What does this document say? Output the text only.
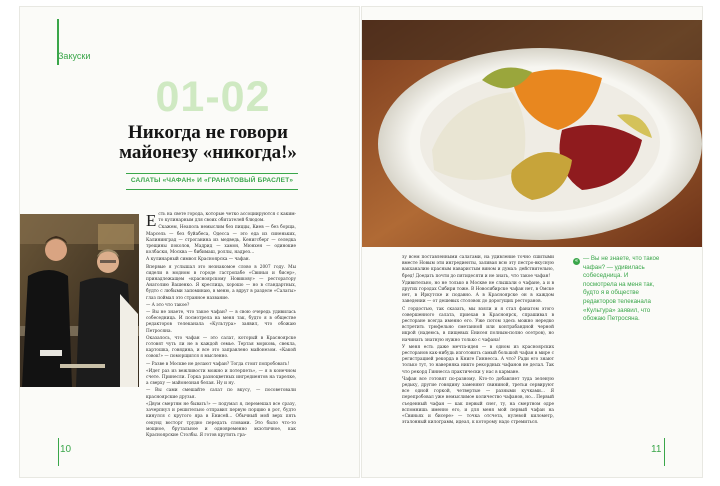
Закуски
01-02
Никогда не говори
майонезу «никогда!»
САЛАТЫ «ЧАФАН» И «ГРАНАТОВЫЙ БРАСЛЕТ»

Есть на свете города, которые четко ассоциируются с каким-то кулинарным для своих обитателей блюдом.

Скажем, Неаполь немыслим без пиццы, Киев — без борща, Марсель — без буйабеса, Одесса — это еда из синеньких, Калининград — строганина из медведь, Кенигсберг — селедка трещины поколов, Мадрид — хамон, Мюнхен — одинокие колбаски, Москва — бибимаш, роллы, надрез...

А кулинарный символ Красноярска — чафан.

Впервые я услышал это незнакомое слово в 2007 году. Мы сидели в модном в городе гастропабе «Свиньи и бисер», принадлежащем «красноярскому Новикову» — ресторатору Анатолию Вашенко. Я креслица, хорошо — но в стандартных, будто с любыми запоминаю, в меню, а вдруг в разделе «Салаты» глаз поймал это странное название.

— А это что такое?

— Вы не знаете, что такое чафан? — в свою очередь удивилась собеседница. И посмотрела на меня так, будто я в обществе редакторов телеканала «Культура» заявил, что обожаю Петросяна.

Оказалось, что чафан — это салат, который в Красноярске готовят чуть ли не в каждой семье. Тертая морковь, свекла, картошка, говядина, и все это заправлено майонезом. «Какой совок!» — поморщился я мысленно.

— Разве в Москве не делают чафан? Тогда стоит попробовать!

«Идет раз из вежливости можно и потерпеть», — я в конечном счете. Принесли. Горка разноцветных ингредиентов на тарелке, а сверху — майонезная белая. Ну и ну.

— Вы сами смешайте салат по вкусу, — посоветовали красноярские друзья.

«Двум смертям не бывать!» — подумал я, перемешал все сразу, зачерпнул и решительно отправил первую порцию в рот, будто кинулся с крутого яра в Енисей... Обычный мой верх пять секунд восторг трудно передать словами. Это было что-то мощное, брутальное и одновременно экзотичное, как Красноярские Столбы. Я готов крутить гра-

10

зу всем поставленными салатами, на удивление точно сшитыми вместе Новым эти ингредиенты, заливая всю эту пестро-вкусную вакханалию красным наваристым вином и думал: действительно, бред! Доедать почти до пятидесяти и не знать, что такое чафан!

Удивительно, но не только в Москве не слышали о чафане, а и в других городах Сибири тоже. В Новосибирске чафан нет, в Омске нет, в Иркутске и подавно. А в Красноярске он в каждом заведении — от дешевых столовок до дорогущих ресторанов.

С гордостью, так сказать, мы взяли и я стал фанатом этого совершенного салата, приехав в Красноярск, спрашивал в ресторане всегда именно его. Уже потом здесь можно нередко встретить трюфельно сметанной или контрабандной черной икрой (надеюсь, в пищевых Енисея полным-полно осетров), но начинать знатную нужно только с чафана!

У меня есть даже мечта-идея — в одном из красноярских ресторанов как-нибудь изготовить самый большой чафан в мире с регистрацией рекорда в Книге Гиннесса. А что? Ради его знают только тут, то наверняка никто рекордных чафанов не делал. Так что рекорд Гиннесса практически у нас в кармане.

Чафан все готовят по-разному. Кто-то добавляет туда зеленую редьку, другие говядину заменяют свининой, третьи сервируют все одной горкой, четвертые — разными кучками... Я перепробовал уже немыслимое количество чафанов, но... Первый съеденный чафан — как первый снег, ту, на смертном одре вспомнишь именно его, и для меня мой первый чафан на «Свиньях и бисере» — точка отсчета, нулевой километр, эталонный килограмм, идеал, к которому надо стремиться.

« — Вы не знаете, что такое чафан? — удивилась собеседница. И посмотрела на меня так, будто я в обществе редакторов телеканала «Культура» заявил, что обожаю Петросяна.
11
